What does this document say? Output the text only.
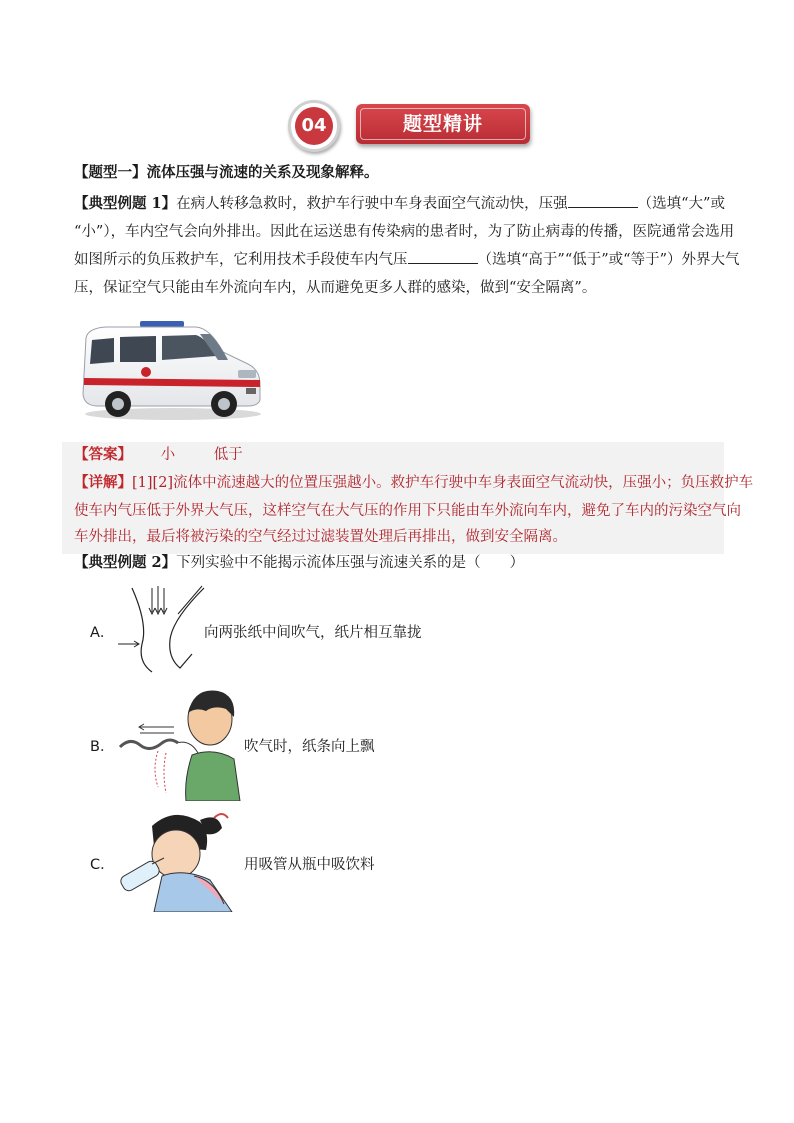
04	题型精讲
【题型一】流体压强与流速的关系及现象解释。
【典型例题 1】在病人转移急救时，救护车行驶中车身表面空气流动快，压强	（选填“大”或
“小”），车内空气会向外排出。因此在运送患有传染病的患者时，为了防止病毒的传播，医院通常会选用
如图所示的负压救护车，它利用技术手段使车内气压	（选填“高于”“低于”或“等于”）外界大气
压，保证空气只能由车外流向车内，从而避免更多人群的感染，做到“安全隔离”。
【答案】 小	低于
【详解】[1][2]流体中流速越大的位置压强越小。救护车行驶中车身表面空气流动快，压强小；负压救护车
使车内气压低于外界大气压，这样空气在大气压的作用下只能由车外流向车内，避免了车内的污染空气向
车外排出，最后将被污染的空气经过过滤装置处理后再排出，做到安全隔离。
【典型例题 2】下列实验中不能揭示流体压强与流速关系的是（　　）
A．	向两张纸中间吹气，纸片相互靠拢
B．	吹气时，纸条向上飘
C．	用吸管从瓶中吸饮料
